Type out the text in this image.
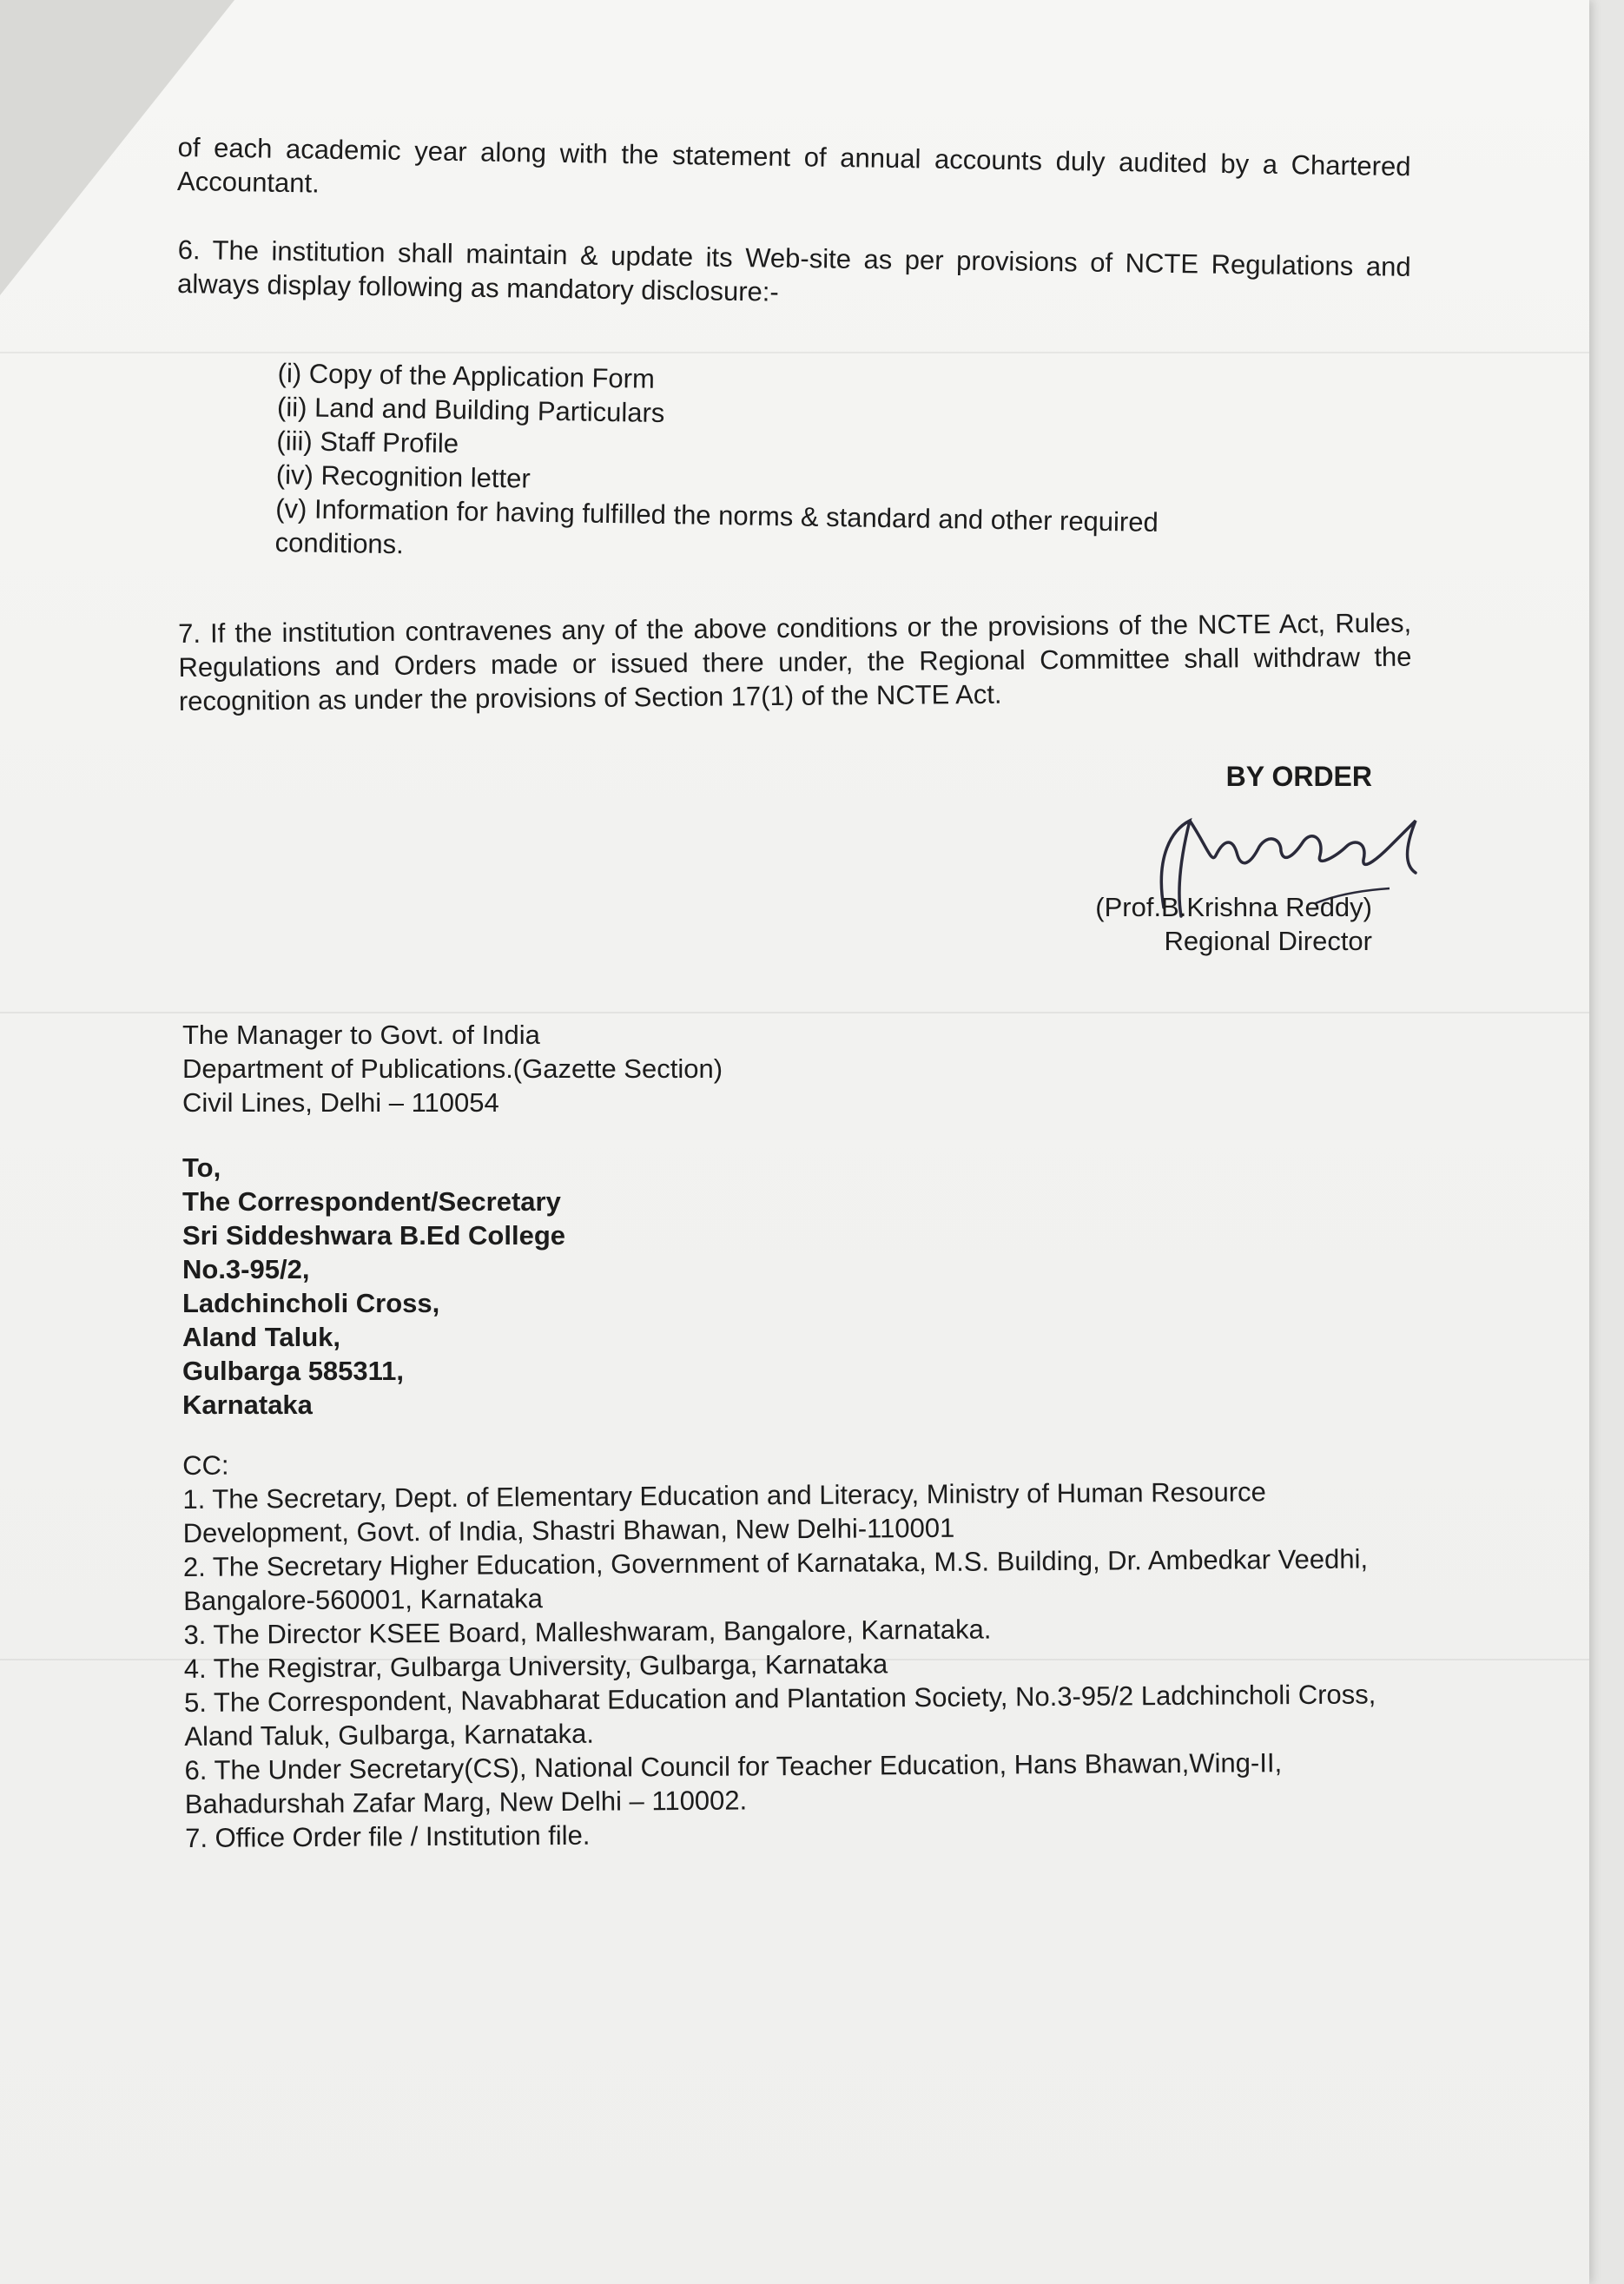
of each academic year along with the statement of annual accounts duly audited by a Chartered Accountant.
6. The institution shall maintain & update its Web-site as per provisions of NCTE Regulations and always display following as mandatory disclosure:-
(i) Copy of the Application Form
(ii) Land and Building Particulars
(iii) Staff Profile
(iv) Recognition letter
(v) Information for having fulfilled the norms & standard and other required conditions.
7. If the institution contravenes any of the above conditions or the provisions of the NCTE Act, Rules, Regulations and Orders made or issued there under, the Regional Committee shall withdraw the recognition as under the provisions of Section 17(1) of the NCTE Act.
BY ORDER
(Prof.B.Krishna Reddy)
Regional Director
The Manager to Govt. of India
Department of Publications.(Gazette Section)
Civil Lines, Delhi – 110054
To,
The Correspondent/Secretary
Sri Siddeshwara B.Ed College
No.3-95/2,
Ladchincholi Cross,
Aland Taluk,
Gulbarga 585311,
Karnataka
CC:
1. The Secretary, Dept. of Elementary Education and Literacy, Ministry of Human Resource Development, Govt. of India, Shastri Bhawan, New Delhi-110001
2. The Secretary Higher Education, Government of Karnataka, M.S. Building, Dr. Ambedkar Veedhi, Bangalore-560001, Karnataka
3. The Director KSEE Board, Malleshwaram, Bangalore, Karnataka.
4. The Registrar, Gulbarga University, Gulbarga, Karnataka
5. The Correspondent, Navabharat Education and Plantation Society, No.3-95/2 Ladchincholi Cross, Aland Taluk, Gulbarga, Karnataka.
6. The Under Secretary(CS), National Council for Teacher Education, Hans Bhawan,Wing-II, Bahadurshah Zafar Marg, New Delhi – 110002.
7. Office Order file / Institution file.
